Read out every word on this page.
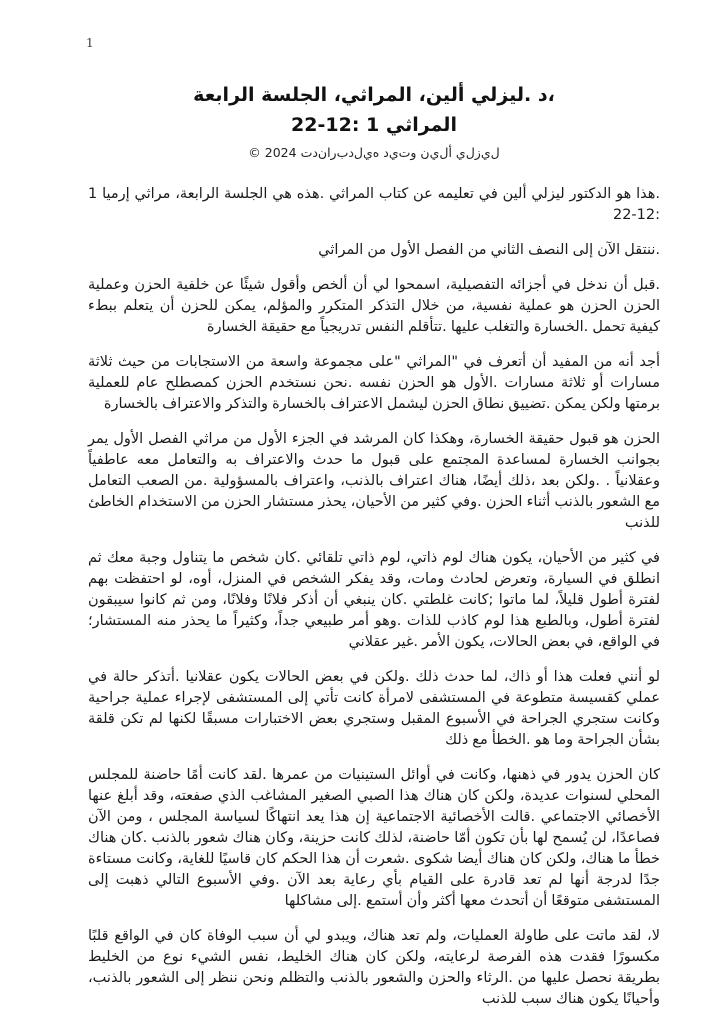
1
،د .ليزلي ألين، المراثي، الجلسة الرابعة
المراثي 1 :12‏-‏22
© 2024 ل‌ي‌ز‌ل‌ي أ‌ل‌ي‌ن و‌ت‌ي‌د ه‌ي‌ل‌د‌ب‌ر‌ا‌ن‌د‌ت

.هذا هو الدكتور ليزلي ألين في تعليمه عن كتاب المراثي .هذه هي الجلسة الرابعة، مراثي إرميا 1 :12‏-‏22

.ننتقل الآن إلى النصف الثاني من الفصل الأول من المراثي

.قبل أن ندخل في أجزائه التفصيلية، اسمحوا لي أن ألخص وأقول شيئًا عن خلفية الحزن وعملية الحزن الحزن هو عملية نفسية، من خلال التذكر المتكرر والمؤلم، يمكن للحزن أن يتعلم ببطء كيفية تحمل .الخسارة والتغلب عليها .تتأقلم النفس تدريجياً مع حقيقة الخسارة

أجد أنه من المفيد أن أتعرف في "المراثي "على مجموعة واسعة من الاستجابات من حيث ثلاثة مسارات أو ثلاثة مسارات .الأول هو الحزن نفسه .نحن نستخدم الحزن كمصطلح عام للعملية برمتها ولكن يمكن .تضييق نطاق الحزن ليشمل الاعتراف بالخسارة والتذكر والاعتراف بالخسارة

الحزن هو قبول حقيقة الخسارة، وهكذا كان المرشد في الجزء الأول من مراثي الفصل الأول يمر بجوانب الخسارة لمساعدة المجتمع على قبول ما حدث والاعتراف به والتعامل معه عاطفياً وعقلانياً . .ولكن بعد ،ذلك أيضًا، هناك اعتراف بالذنب، واعتراف بالمسؤولية .من الصعب التعامل مع الشعور بالذنب أثناء الحزن .وفي كثير من الأحيان، يحذر مستشار الحزن من الاستخدام الخاطئ للذنب

في كثير من الأحيان، يكون هناك لوم ذاتي، لوم ذاتي تلقائي .كان شخص ما يتناول وجبة معك ثم انطلق في السيارة، وتعرض لحادث ومات، وقد يفكر الشخص في المنزل، أوه، لو احتفظت بهم لفترة أطول قليلاً، لما ماتوا ;كانت غلطتي .كان ينبغي أن أذكر فلانًا وفلانًا، ومن ثم كانوا سيبقون لفترة أطول، وبالطبع هذا لوم كاذب للذات .وهو أمر طبيعي جداً، وكثيراً ما يحذر منه المستشار؛ في الواقع، في بعض الحالات، يكون الأمر .غير عقلاني

لو أنني فعلت هذا أو ذاك، لما حدث ذلك .ولكن في بعض الحالات يكون عقلانيا .أتذكر حالة في عملي كقسيسة متطوعة في المستشفى لامرأة كانت تأتي إلى المستشفى لإجراء عملية جراحية وكانت ستجري الجراحة في الأسبوع المقبل وستجري بعض الاختبارات مسبقًا لكنها لم تكن قلقة بشأن الجراحة وما هو .الخطأ مع ذلك

كان الحزن يدور في ذهنها، وكانت في أوائل الستينيات من عمرها .لقد كانت أمًا حاضنة للمجلس المحلي لسنوات عديدة، ولكن كان هناك هذا الصبي الصغير المشاغب الذي صفعته، وقد أبلغ عنها الأخصائي الاجتماعي .قالت الأخصائية الاجتماعية إن هذا يعد انتهاكًا لسياسة المجلس ، ومن الآن فصاعدًا، لن يُسمح لها بأن تكون أمّا حاضنة، لذلك كانت حزينة، وكان هناك شعور بالذنب .كان هناك خطأ ما هناك، ولكن كان هناك أيضا شكوى .شعرت أن هذا الحكم كان قاسيًا للغاية، وكانت مستاءة جدًا لدرجة أنها لم تعد قادرة على القيام بأي رعاية بعد الآن .وفي الأسبوع التالي ذهبت إلى المستشفى متوقعًا أن أتحدث معها أكثر وأن أستمع .إلى مشاكلها

لا، لقد ماتت على طاولة العمليات، ولم تعد هناك، ويبدو لي أن سبب الوفاة كان في الواقع قلبًا مكسورًا فقدت هذه الفرصة لرعايته، ولكن كان هناك الخليط، نفس الشيء نوع من الخليط بطريقة نحصل عليها من .الرثاء والحزن والشعور بالذنب والتظلم ونحن ننظر إلى الشعور بالذنب، وأحيانًا يكون هناك سبب للذنب
